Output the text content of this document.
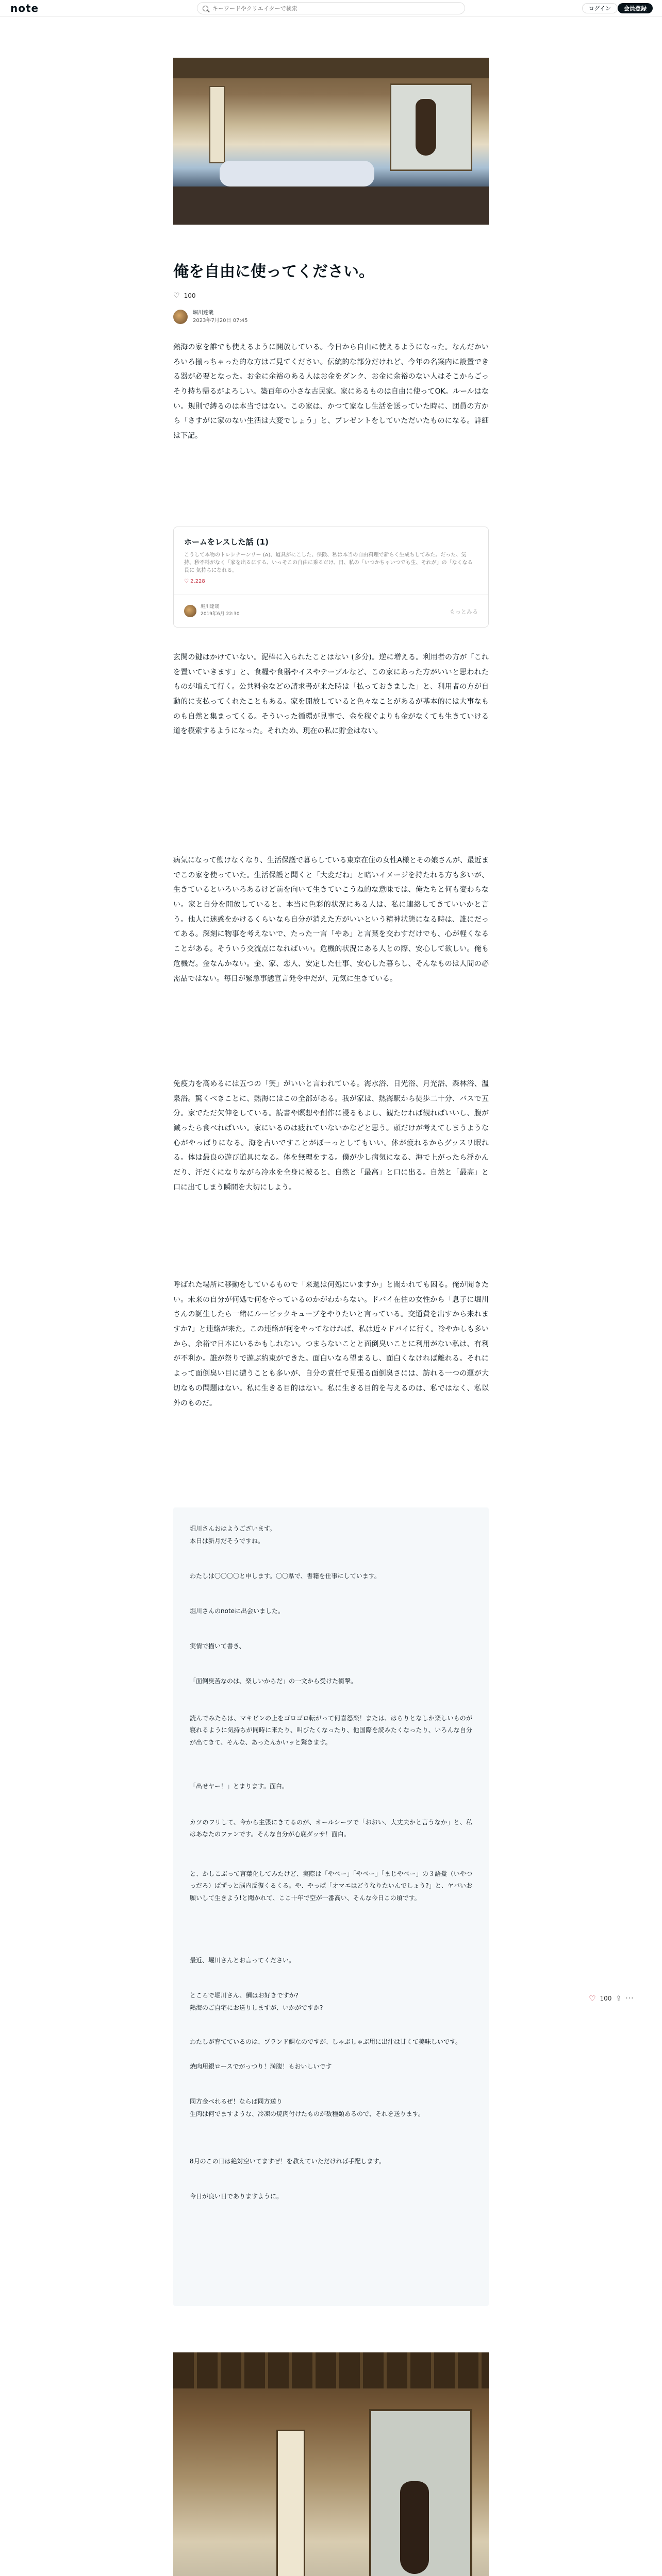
note
キーワードやクリエイターで検索	ログイン	会員登録
俺を自由に使ってください。
♡ 100
堀川達哉
2023年7月20日 07:45

熱海の家を誰でも使えるように開放している。今日から自由に使えるようになった。なんだかいろいろ揃っちゃった的な方はご見てください。伝統的な部分だけれど、今年の名案内に設置できる器が必要となった。お金に余裕のある人はお金をダンク、お金に余裕のない人はそこからごっそり持ち帰るがよろしい。築百年の小さな古民家。家にあるものは自由に使ってOK。ルールはない。規則で縛るのは本当ではない。この家は、かつて家なし生活を送っていた時に、団員の方から「さすがに家のない生活は大変でしょう」と、プレゼントをしていただいたものになる。詳細は下記。

ホームをレスした話 (1)
こうして本物のトレシナーンリー (A)、道具がにこした、保険、私は本当の自由料理で新らく生成ちしてみた。だった、気持、秒不料がなく「家を出るにする、いっそこの自由に乗るだけ、日、私の「いつかちゃいつでも生、それが」の「なくなる長に 気持ちになれる。
♡ 2,228
堀川達哉
2019年6月 22:30	もっとみる

玄関の鍵はかけていない。泥棒に入られたことはない (多分)。逆に増える。利用者の方が「これを置いていきます」と、食糧や食器やイスやテーブルなど、この家にあった方がいいと思われたものが増えて行く。公共料金などの請求書が来た時は「払っておきました」と、利用者の方が自動的に支払ってくれたこともある。家を開放していると色々なことがあるが基本的には大事なものも自然と集まってくる。そういった循環が見事で、金を稼ぐよりも金がなくても生きていける道を模索するようになった。それため、現在の私に貯金はない。

病気になって働けなくなり、生活保護で暮らしている東京在住の女性A様とその娘さんが、最近までこの家を使っていた。生活保護と聞くと「大変だね」と暗いイメージを持たれる方も多いが、生きているといろいろあるけど前を向いて生きていこうね的な意味では、俺たちと何も変わらない。家と自分を開放していると、本当に色彩的状況にある人は、私に連絡してきていいかと言う。他人に迷惑をかけるくらいなら自分が消えた方がいいという精神状態になる時は、誰にだってある。深刻に物事を考えないで、たった一言「やあ」と言葉を交わすだけでも、心が軽くなることがある。そういう交流点になればいい。危機的状況にある人との際、安心して欲しい。俺も危機だ。金なんかない。金、家、恋人、安定した仕事、安心した暮らし、そんなものは人間の必需品ではない。毎日が緊急事態宣言発令中だが、元気に生きている。

免疫力を高めるには五つの「笑」がいいと言われている。海水浴、日光浴、月光浴、森林浴、温泉浴。驚くべきことに、熱海にはこの全部がある。我が家は、熱海駅から徒歩二十分、バスで五分。家でただ欠伸をしている。読書や瞑想や創作に浸るもよし、観たければ観ればいいし、腹が減ったら食べればいい。家にいるのは疲れていないかなどと思う。頭だけが考えてしまうような心がやっぱりになる。海を占いですことがぼーっとしてもいい。体が疲れるからグッスリ眠れる。体は最良の遊び道具になる。体を無理をする。僕が少し病気になる、海で上がったら浮かんだり、汗だくになりながら冷水を全身に被ると、自然と「最高」と口に出る。自然と「最高」と口に出てしまう瞬間を大切にしよう。

呼ばれた場所に移動をしているもので「来週は何処にいますか」と聞かれても困る。俺が聞きたい。未来の自分が何処で何をやっているのかがわからない。ドバイ在住の女性から「息子に堀川さんの誕生したら一緒にルービックキューブをやりたいと言っている。交通費を出すから来れますか?」と連絡が来た。この連絡が何をやってなければ、私は近々ドバイに行く。冷やかしも多いから、余裕で日本にいるかもしれない。つまらないことと面倒臭いことに利用がない私は、有利が不利か。誰が祭りで遊ぶ約束ができた。面白いなら望まるし、面白くなければ離れる。それによって面倒臭い目に遭うことも多いが、自分の責任で見張る面倒臭さには、訪れる一つの運が大切なもの問題はない。私に生きる目的はない。私に生きる目的を与えるのは、私ではなく、私以外のものだ。

堀川さんおはようございます。

本日は新月だそうですね。

わたしは〇〇〇〇と申します。〇〇県で、書籍を仕事にしています。

堀川さんのnoteに出会いました。

実情で描いて書き、

「面倒臭苦なのは、楽しいからだ」の一文から受けた衝撃。

読んでみたらは、マキビンの上をゴロゴロ転がって何喜怒楽！または、はらりとなしか楽しいものが寝れるように気持ちが同時に来たり、叫びたくなったり、他国際を読みたくなったり、いろんな自分が出てきて、そんな、あったんかいッと驚きます。

「出せヤー！」とまります。面白。

カツのフリして、今から主張にきてるのが、オールシーツで「おおい、大丈夫かと言うなか」と、私はあなたのファンです。そんな自分が心底ダッサ！面白。

と、かしこぶって言葉化してみたけど、実際は「やべー」「やべー」「まじやべー」の３語彙（いやつっだろ）ばずっと脳内反復くるくる。や、やっぱ「オマエはどうなりたいんでしょう?」と、ヤバいお願いして生きよう!と聞かれて、ここ十年で空が一番高い、そんな今日この頃です。

最近、堀川さんとお言ってください。

ところで堀川さん、鯛はお好きですか?

熱海のご自宅にお送りしますが、いかがですか?

わたしが育てているのは、ブランド鯛なのですが、しゃぶしゃぶ用に出汁は甘くて美味しいです。

焼肉用銀ロースでがっつり！満腹！もおいしいです

同方金べれるぜ！ならば同方送り

生肉は何でますような、冷凍の焼肉付けたものが数種類あるので、それを送ります。

8月のこの日は絶対空いてますぜ！を教えていただければ手配します。

今日が良い日でありますように。

♡ 100 ⇪ ···
